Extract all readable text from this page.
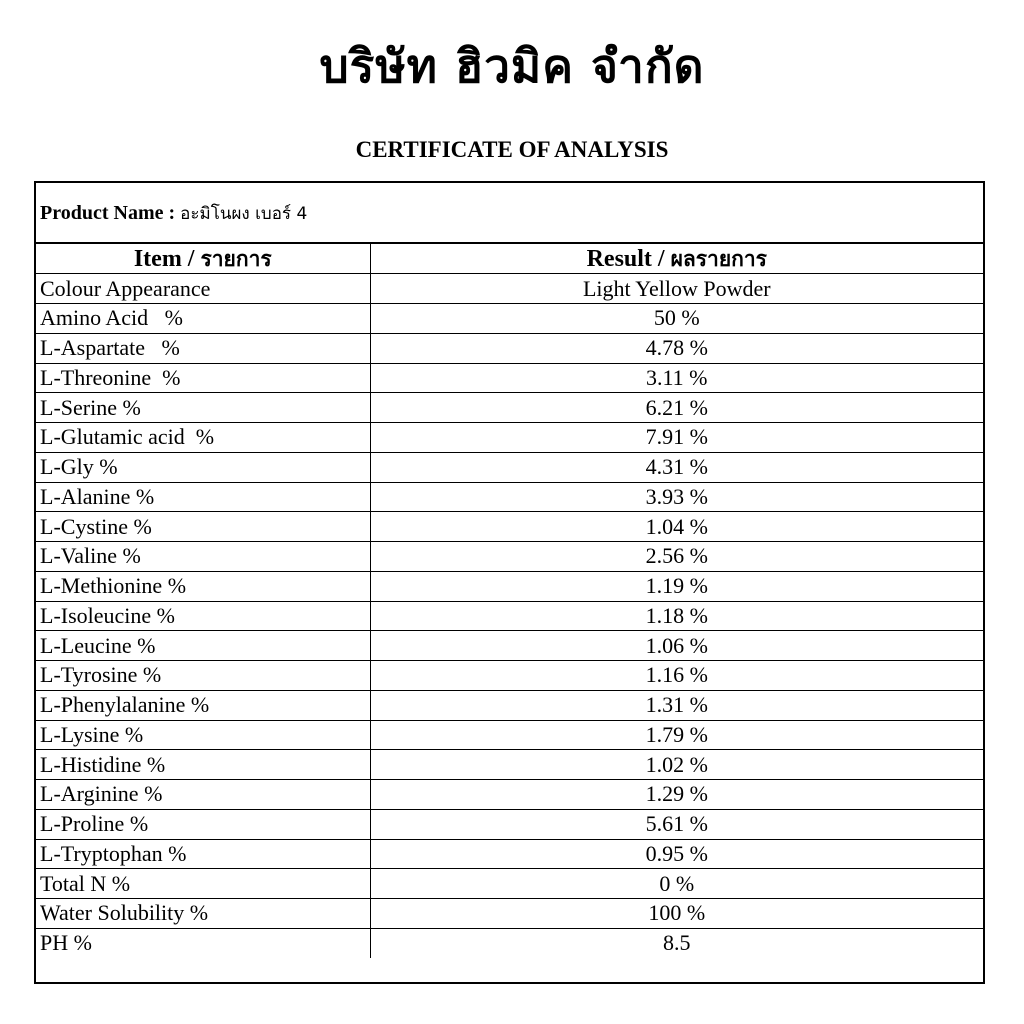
บริษัท ฮิวมิค จำกัด
CERTIFICATE OF ANALYSIS
Product Name : อะมิโนผง เบอร์ 4
Item / รายการ	Result / ผลรายการ
Colour Appearance	Light Yellow Powder
Amino Acid   %	50 %
L-Aspartate   %	4.78 %
L-Threonine  %	3.11 %
L-Serine %	6.21 %
L-Glutamic acid  %	7.91 %
L-Gly %	4.31 %
L-Alanine %	3.93 %
L-Cystine %	1.04 %
L-Valine %	2.56 %
L-Methionine %	1.19 %
L-Isoleucine %	1.18 %
L-Leucine %	1.06 %
L-Tyrosine %	1.16 %
L-Phenylalanine %	1.31 %
L-Lysine %	1.79 %
L-Histidine %	1.02 %
L-Arginine %	1.29 %
L-Proline %	5.61 %
L-Tryptophan %	0.95 %
Total N %	0 %
Water Solubility %	100 %
PH %	8.5
